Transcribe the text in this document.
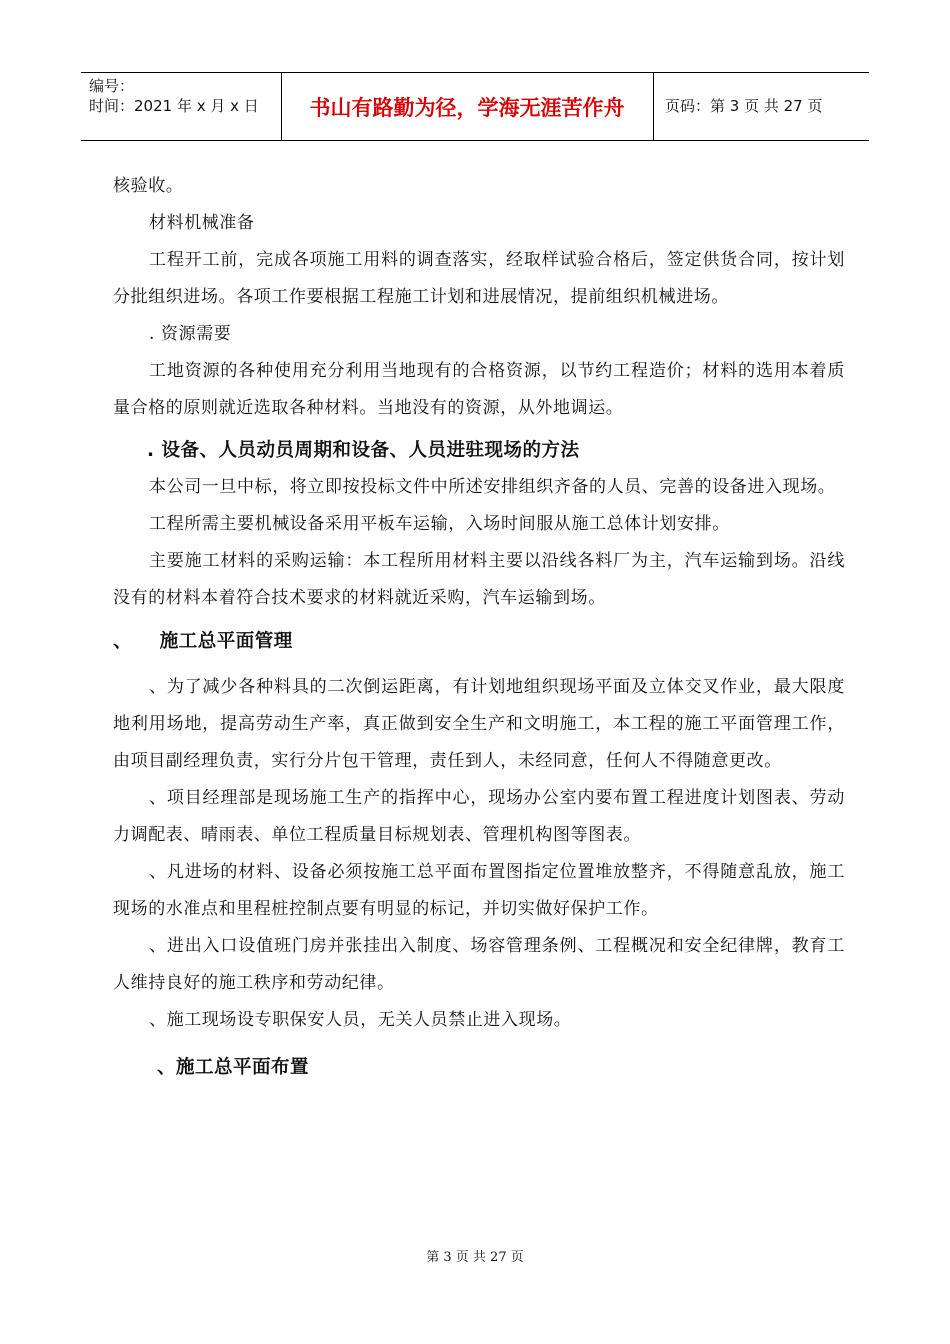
编号：
时间：2021 年 x 月 x 日	书山有路勤为径，学海无涯苦作舟	页码：第 3 页 共 27 页

核验收。

材料机械准备

工程开工前，完成各项施工用料的调查落实，经取样试验合格后，签定供货合同，按计划分批组织进场。各项工作要根据工程施工计划和进展情况，提前组织机械进场。

. 资源需要

工地资源的各种使用充分利用当地现有的合格资源，以节约工程造价；材料的选用本着质量合格的原则就近选取各种材料。当地没有的资源，从外地调运。

. 设备、人员动员周期和设备、人员进驻现场的方法

本公司一旦中标，将立即按投标文件中所述安排组织齐备的人员、完善的设备进入现场。

工程所需主要机械设备采用平板车运输，入场时间服从施工总体计划安排。

主要施工材料的采购运输：本工程所用材料主要以沿线各料厂为主，汽车运输到场。沿线没有的材料本着符合技术要求的材料就近采购，汽车运输到场。

、    施工总平面管理

、为了减少各种料具的二次倒运距离，有计划地组织现场平面及立体交叉作业，最大限度地利用场地，提高劳动生产率，真正做到安全生产和文明施工，本工程的施工平面管理工作，由项目副经理负责，实行分片包干管理，责任到人，未经同意，任何人不得随意更改。

、项目经理部是现场施工生产的指挥中心，现场办公室内要布置工程进度计划图表、劳动力调配表、晴雨表、单位工程质量目标规划表、管理机构图等图表。

、凡进场的材料、设备必须按施工总平面布置图指定位置堆放整齐，不得随意乱放，施工现场的水准点和里程桩控制点要有明显的标记，并切实做好保护工作。

、进出入口设值班门房并张挂出入制度、场容管理条例、工程概况和安全纪律牌，教育工人维持良好的施工秩序和劳动纪律。

、施工现场设专职保安人员，无关人员禁止进入现场。

、施工总平面布置

第 3 页 共 27 页
